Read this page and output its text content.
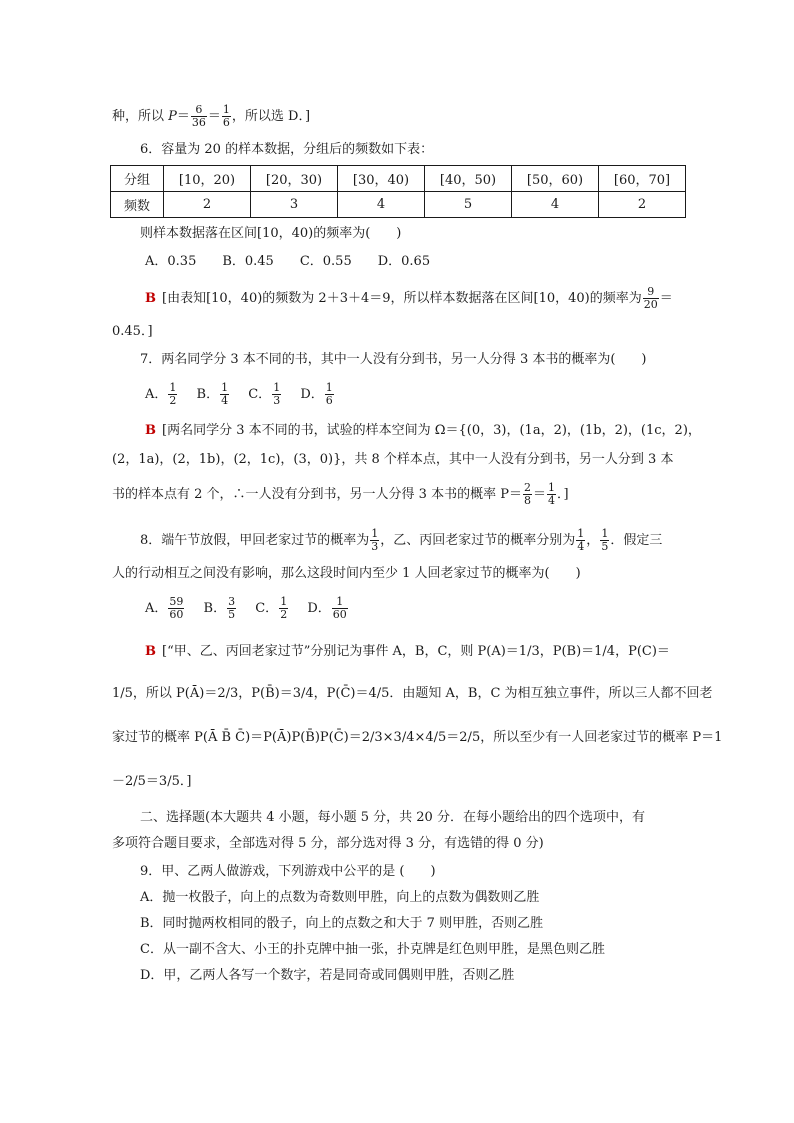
种，所以 $P= \frac{6}{36} = \frac{1}{6}$ ，所以选 D．]
6．容量为 20 的样本数据，分组后的频数如下表：
分组	[10，20)	[20，30)	[30，40)	[40，50)	[50，60)	[60，70]
频数	2	3	4	5	4	2
则样本数据落在区间[10，40)的频率为(　　)
A．0.35　　B．0.45　　C．0.55　　D．0.65
B [由表知[10，40)的频数为 2＋3＋4＝9，所以样本数据落在区间[10，40)的频率为 $\frac{9}{20}$ ＝
0.45．]
7．两名同学分 3 本不同的书，其中一人没有分到书，另一人分得 3 本书的概率为(　　)
A． $\frac{1}{2}$ B． $\frac{1}{4}$ C． $\frac{1}{3}$ D． $\frac{1}{6}$
B [两名同学分 3 本不同的书，试验的样本空间为 Ω＝{(0，3)，(1a，2)，(1b，2)，(1c，2)，
(2，1a)，(2，1b)，(2，1c)，(3，0)}，共 8 个样本点，其中一人没有分到书，另一人分到 3 本
书的样本点有 2 个，∴一人没有分到书，另一人分得 3 本书的概率 $P= \frac{2}{8} = \frac{1}{4}$ ．]
8．端午节放假，甲回老家过节的概率为 $\frac{1}{3}$ ，乙、丙回老家过节的概率分别为 $\frac{1}{4}$ ， $\frac{1}{5}$ ．假定三
人的行动相互之间没有影响，那么这段时间内至少 1 人回老家过节的概率为(　　)
A． $\frac{59}{60}$ B． $\frac{3}{5}$ C． $\frac{1}{2}$ D． $\frac{1}{60}$
B [“甲、乙、丙回老家过节”分别记为事件 A，B，C，则 P(A)＝1/3，P(B)＝1/4，P(C)＝
1/5，所以 P(Ā)＝2/3，P(B̄)＝3/4，P(C̄)＝4/5．由题知 A，B，C 为相互独立事件，所以三人都不回老
家过节的概率 P(Ā B̄ C̄)＝P(Ā)P(B̄)P(C̄)＝2/3×3/4×4/5＝2/5，所以至少有一人回老家过节的概率 P＝1
－2/5＝3/5．]
二、选择题(本大题共 4 小题，每小题 5 分，共 20 分．在每小题给出的四个选项中，有
多项符合题目要求，全部选对得 5 分，部分选对得 3 分，有选错的得 0 分)
9．甲、乙两人做游戏，下列游戏中公平的是 (　　)
A．抛一枚骰子，向上的点数为奇数则甲胜，向上的点数为偶数则乙胜
B．同时抛两枚相同的骰子，向上的点数之和大于 7 则甲胜，否则乙胜
C．从一副不含大、小王的扑克牌中抽一张，扑克牌是红色则甲胜，是黑色则乙胜
D．甲，乙两人各写一个数字，若是同奇或同偶则甲胜，否则乙胜
